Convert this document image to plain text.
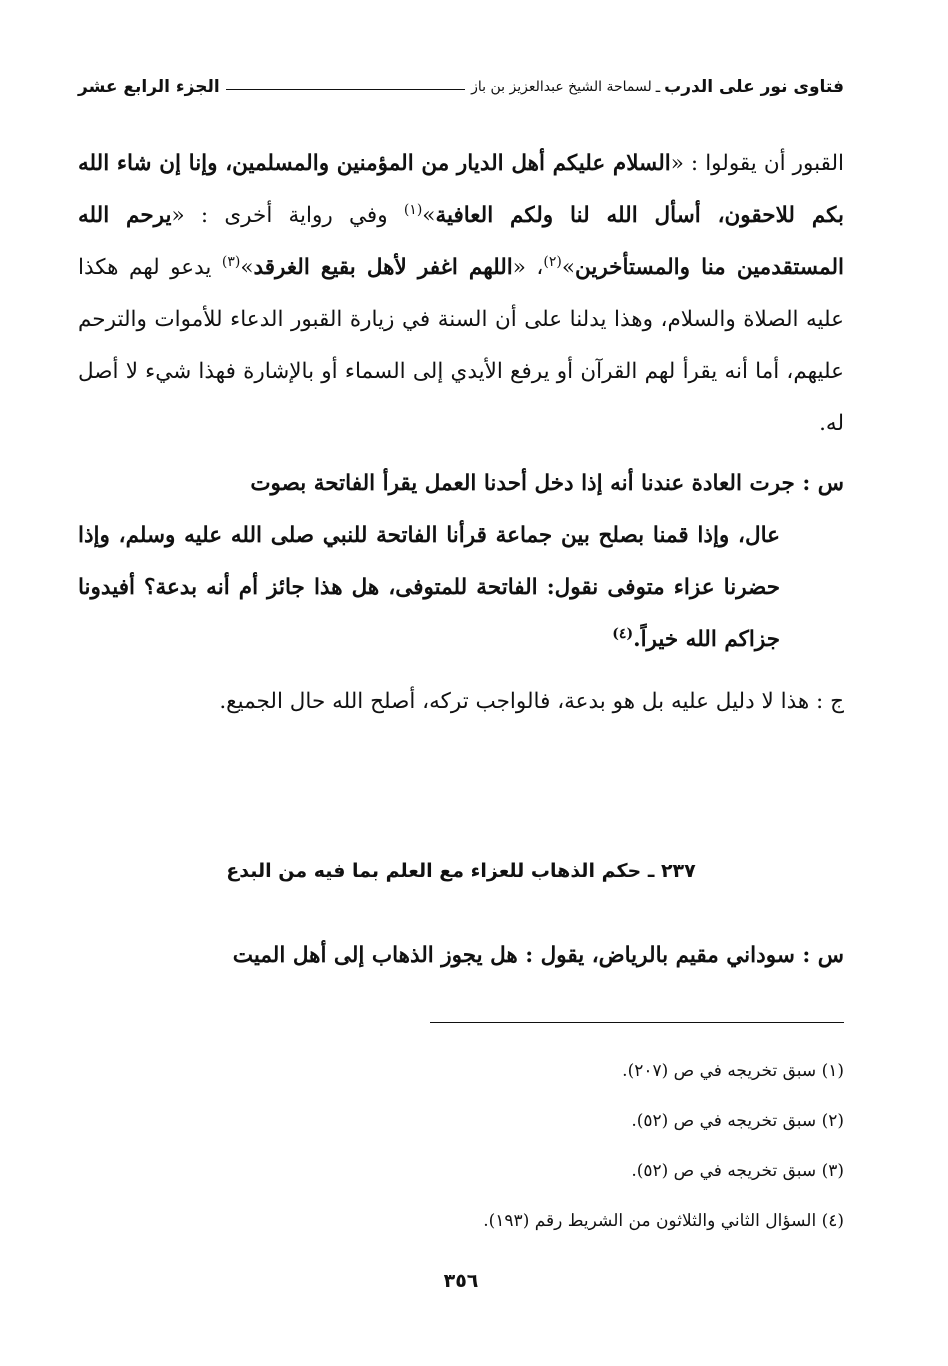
فتاوى نور على الدرب
ـ
لسماحة الشيخ عبدالعزيز بن باز
الجزء الرابع عشر

القبور أن يقولوا : «السلام عليكم أهل الديار من المؤمنين والمسلمين، وإنا إن شاء الله بكم للاحقون، أسأل الله لنا ولكم العافية»$^{(١)}$ وفي رواية أخرى : «يرحم الله المستقدمين منا والمستأخرين»$^{(٢)}$، «اللهم اغفر لأهل بقيع الغرقد»$^{(٣)}$ يدعو لهم هكذا عليه الصلاة والسلام، وهذا يدلنا على أن السنة في زيارة القبور الدعاء للأموات والترحم عليهم، أما أنه يقرأ لهم القرآن أو يرفع الأيدي إلى السماء أو بالإشارة فهذا شيء لا أصل له.

س : جرت العادة عندنا أنه إذا دخل أحدنا العمل يقرأ الفاتحة بصوت

عال، وإذا قمنا بصلح بين جماعة قرأنا الفاتحة للنبي صلى الله عليه وسلم، وإذا حضرنا عزاء متوفى نقول: الفاتحة للمتوفى، هل هذا جائز أم أنه بدعة؟ أفيدونا جزاكم الله خيراً.$^{(٤)}$

ج : هذا لا دليل عليه بل هو بدعة، فالواجب تركه، أصلح الله حال الجميع.

٢٣٧ ـ حكم الذهاب للعزاء مع العلم بما فيه من البدع
س : سوداني مقيم بالرياض، يقول : هل يجوز الذهاب إلى أهل الميت
(١) سبق تخريجه في ص (٢٠٧).
(٢) سبق تخريجه في ص (٥٢).
(٣) سبق تخريجه في ص (٥٢).
(٤) السؤال الثاني والثلاثون من الشريط رقم (١٩٣).
٣٥٦
